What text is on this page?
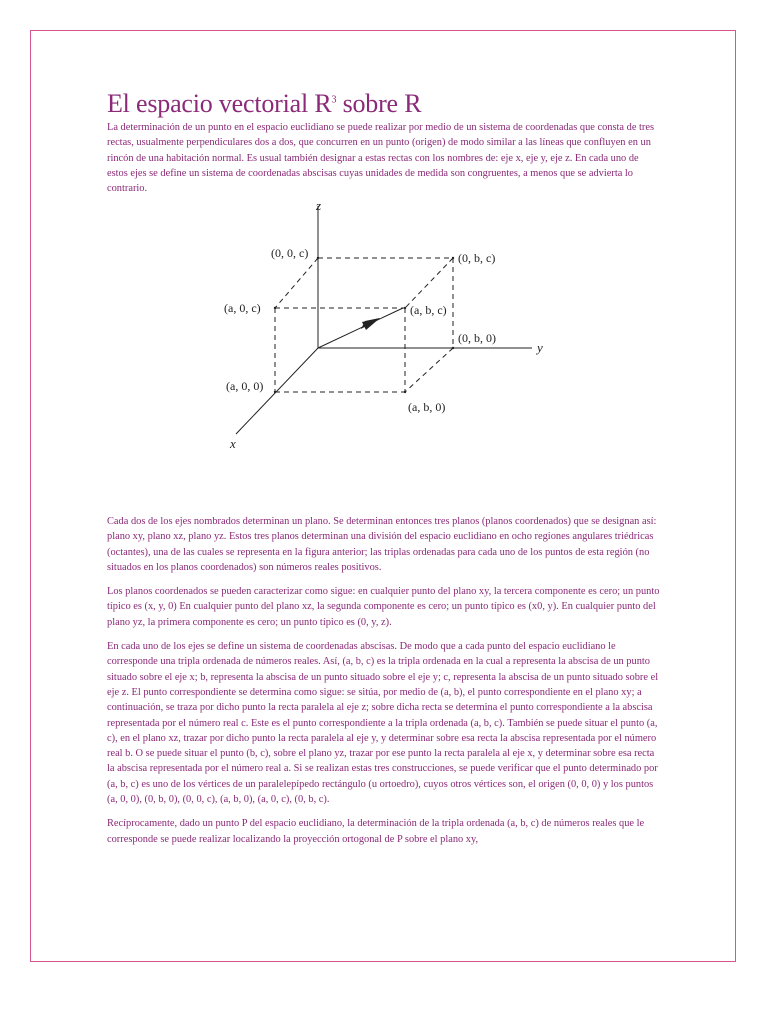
El espacio vectorial $R^3$ sobre R

La determinación de un punto en el espacio euclidiano se puede realizar por medio de un sistema de coordenadas que consta de tres rectas, usualmente perpendiculares dos a dos, que concurren en un punto (origen) de modo similar a las líneas que confluyen en un rincón de una habitación normal. Es usual también designar a estas rectas con los nombres de: eje x, eje y, eje z. En cada uno de estos ejes se define un sistema de coordenadas abscisas cuyas unidades de medida son congruentes, a menos que se advierta lo contrario.

z
y
x
(0, 0, c)	(0, b, c)
(a, 0, c)	(a, b, c)
(0, b, 0)
(a, 0, 0)
(a, b, 0)

Cada dos de los ejes nombrados determinan un plano. Se determinan entonces tres planos (planos coordenados) que se designan así: plano xy, plano xz, plano yz. Estos tres planos determinan una división del espacio euclidiano en ocho regiones angulares triédricas (octantes), una de las cuales se representa en la figura anterior; las triplas ordenadas para cada uno de los puntos de esta región (no situados en los planos coordenados) son números reales positivos.

Los planos coordenados se pueden caracterizar como sigue: en cualquier punto del plano xy, la tercera componente es cero; un punto típico es (x, y, 0) En cualquier punto del plano xz, la segunda componente es cero; un punto típico es (x0, y). En cualquier punto del plano yz, la primera componente es cero; un punto típico es (0, y, z).

En cada uno de los ejes se define un sistema de coordenadas abscisas. De modo que a cada punto del espacio euclidiano le corresponde una tripla ordenada de números reales. Así, (a, b, c) es la tripla ordenada en la cual a representa la abscisa de un punto situado sobre el eje x; b, representa la abscisa de un punto situado sobre el eje y; c, representa la abscisa de un punto situado sobre el eje z. El punto correspondiente se determina como sigue: se sitúa, por medio de (a, b), el punto correspondiente en el plano xy; a continuación, se traza por dicho punto la recta paralela al eje z; sobre dicha recta se determina el punto correspondiente a la abscisa representada por el número real c. Este es el punto correspondiente a la tripla ordenada (a, b, c). También se puede situar el punto (a, c), en el plano xz, trazar por dicho punto la recta paralela al eje y, y determinar sobre esa recta la abscisa representada por el número real b. O se puede situar el punto (b, c), sobre el plano yz, trazar por ese punto la recta paralela al eje x, y determinar sobre esa recta la abscisa representada por el número real a. Si se realizan estas tres construcciones, se puede verificar que el punto determinado por (a, b, c) es uno de los vértices de un paralelepípedo rectángulo (u ortoedro), cuyos otros vértices son, el origen (0, 0, 0) y los puntos (a, 0, 0), (0, b, 0), (0, 0, c), (a, b, 0), (a, 0, c), (0, b, c).

Recíprocamente, dado un punto P del espacio euclidiano, la determinación de la tripla ordenada (a, b, c) de números reales que le corresponde se puede realizar localizando la proyección ortogonal de P sobre el plano xy,
